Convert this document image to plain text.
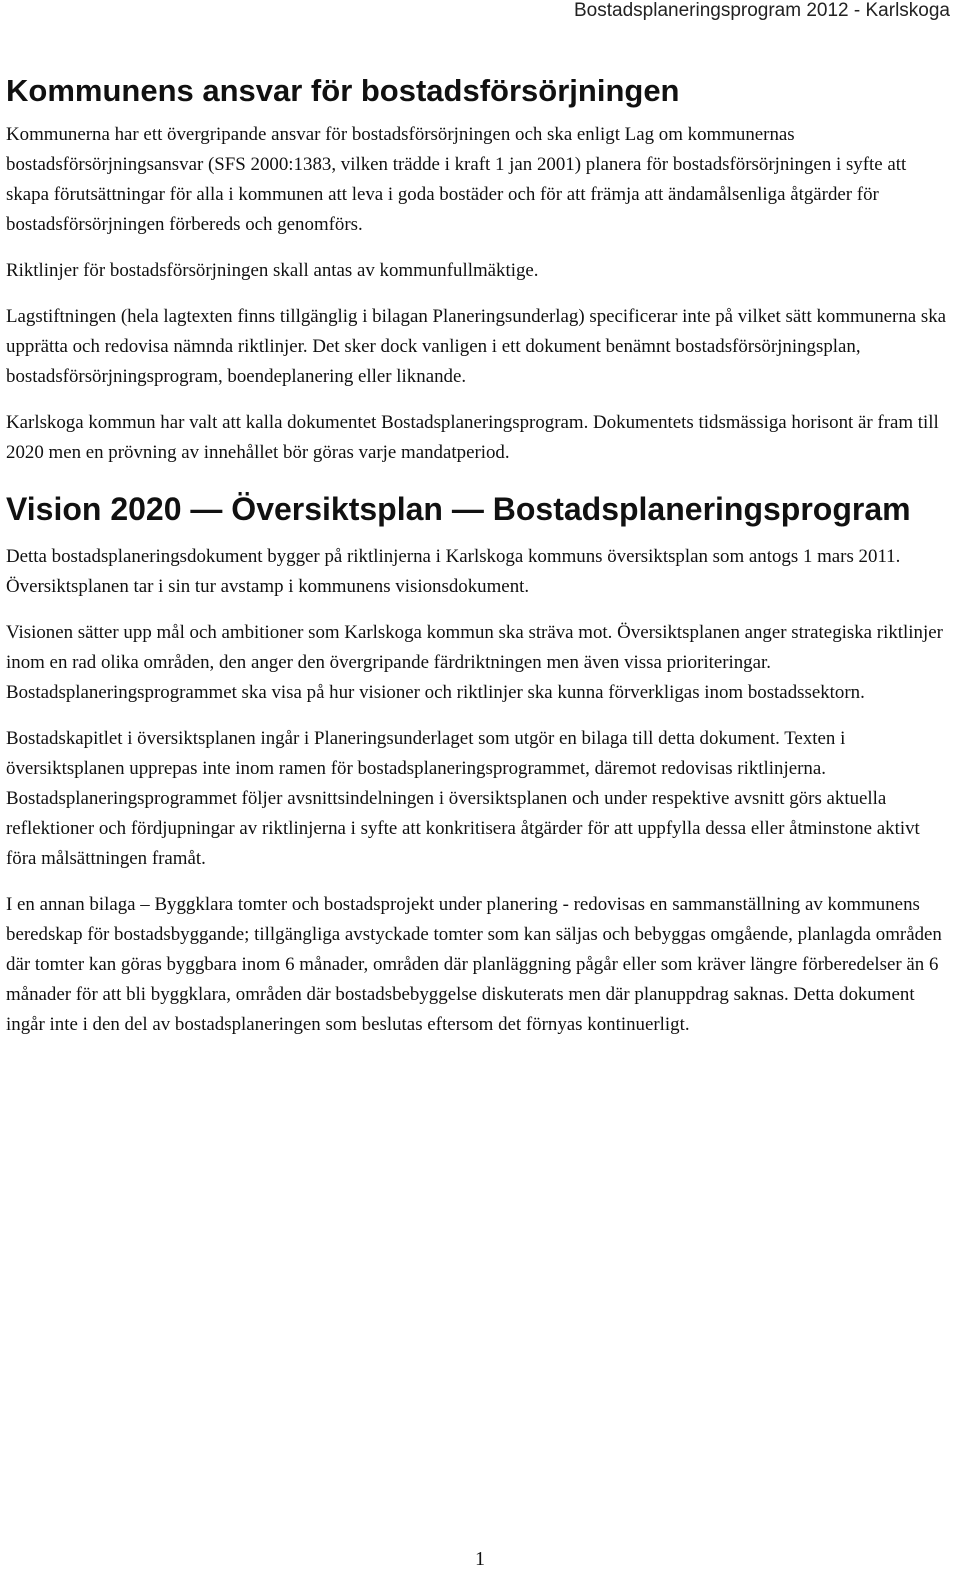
Bostadsplaneringsprogram 2012 - Karlskoga
Kommunens ansvar för bostadsförsörjningen

Kommunerna har ett övergripande ansvar för bostadsförsörjningen och ska enligt Lag om kommunernas bostadsförsörjningsansvar (SFS 2000:1383, vilken trädde i kraft 1 jan 2001) planera för bostadsförsörjningen i syfte att skapa förutsättningar för alla i kommunen att leva i goda bostäder och för att främja att ändamålsenliga åtgärder för bostadsförsörjningen förbereds och genomförs.

Riktlinjer för bostadsförsörjningen skall antas av kommunfullmäktige.

Lagstiftningen (hela lagtexten finns tillgänglig i bilagan Planeringsunderlag) specificerar inte på vilket sätt kommunerna ska upprätta och redovisa nämnda riktlinjer. Det sker dock vanligen i ett dokument benämnt bostadsförsörjningsplan, bostadsförsörjningsprogram, boendeplanering eller liknande.

Karlskoga kommun har valt att kalla dokumentet Bostadsplaneringsprogram. Dokumentets tidsmässiga horisont är fram till 2020 men en prövning av innehållet bör göras varje mandatperiod.

Vision 2020 — Översiktsplan — Bostadsplaneringsprogram

Detta bostadsplaneringsdokument bygger på riktlinjerna i Karlskoga kommuns översiktsplan som antogs 1 mars 2011. Översiktsplanen tar i sin tur avstamp i kommunens visionsdokument.

Visionen sätter upp mål och ambitioner som Karlskoga kommun ska sträva mot. Översiktsplanen anger strategiska riktlinjer inom en rad olika områden, den anger den övergripande färdriktningen men även vissa prioriteringar. Bostadsplaneringsprogrammet ska visa på hur visioner och riktlinjer ska kunna förverkligas inom bostadssektorn.

Bostadskapitlet i översiktsplanen ingår i Planeringsunderlaget som utgör en bilaga till detta dokument. Texten i översiktsplanen upprepas inte inom ramen för bostadsplaneringsprogrammet, däremot redovisas riktlinjerna. Bostadsplaneringsprogrammet följer avsnittsindelningen i översiktsplanen och under respektive avsnitt görs aktuella reflektioner och fördjupningar av riktlinjerna i syfte att konkritisera åtgärder för att uppfylla dessa eller åtminstone aktivt föra målsättningen framåt.

I en annan bilaga – Byggklara tomter och bostadsprojekt under planering - redovisas en sammanställning av kommunens beredskap för bostadsbyggande; tillgängliga avstyckade tomter som kan säljas och bebyggas omgående, planlagda områden där tomter kan göras byggbara inom 6 månader, områden där planläggning pågår eller som kräver längre förberedelser än 6 månader för att bli byggklara, områden där bostadsbebyggelse diskuterats men där planuppdrag saknas. Detta dokument ingår inte i den del av bostadsplaneringen som beslutas eftersom det förnyas kontinuerligt.

1
